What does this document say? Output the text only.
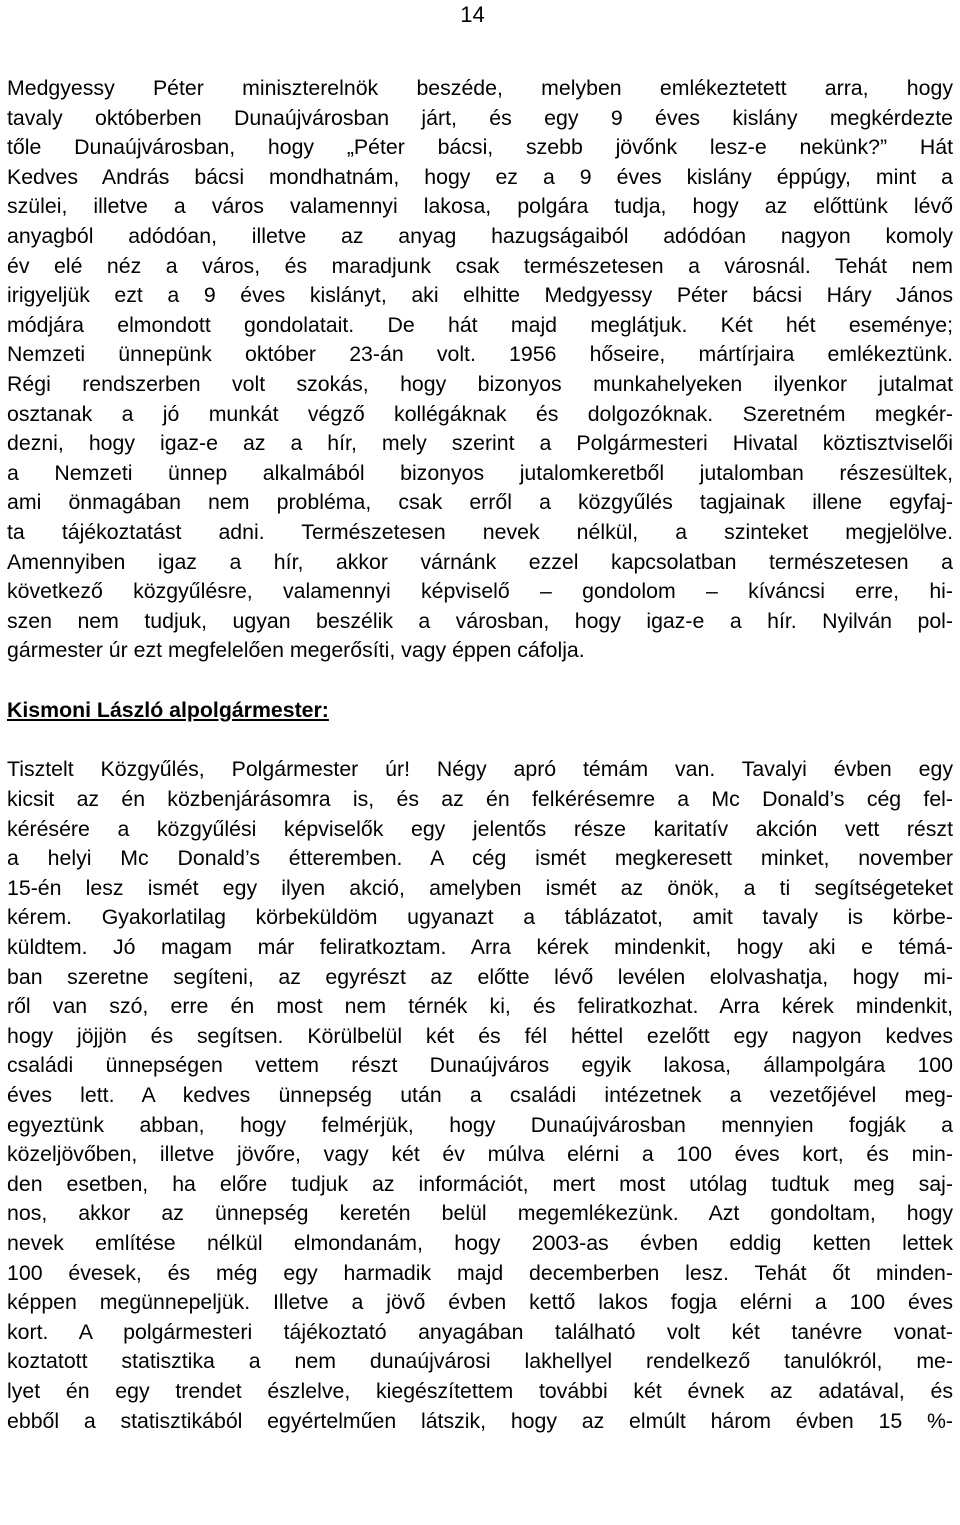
14
Medgyessy Péter miniszterelnök beszéde, melyben emlékeztetett arra, hogy
tavaly októberben Dunaújvárosban járt, és egy 9 éves kislány megkérdezte
tőle Dunaújvárosban, hogy „Péter bácsi, szebb jövőnk lesz-e nekünk?” Hát
Kedves András bácsi mondhatnám, hogy ez a 9 éves kislány éppúgy, mint a
szülei, illetve a város valamennyi lakosa, polgára tudja, hogy az előttünk lévő
anyagból adódóan, illetve az anyag hazugságaiból adódóan nagyon komoly
év elé néz a város, és maradjunk csak természetesen a városnál. Tehát nem
irigyeljük ezt a 9 éves kislányt, aki elhitte Medgyessy Péter bácsi Háry János
módjára elmondott gondolatait. De hát majd meglátjuk. Két hét eseménye;
Nemzeti ünnepünk október 23-án volt. 1956 hőseire, mártírjaira emlékeztünk.
Régi rendszerben volt szokás, hogy bizonyos munkahelyeken ilyenkor jutalmat
osztanak a jó munkát végző kollégáknak és dolgozóknak. Szeretném megkér-
dezni, hogy igaz-e az a hír, mely szerint a Polgármesteri Hivatal köztisztviselői
a Nemzeti ünnep alkalmából bizonyos jutalomkeretből jutalomban részesültek,
ami önmagában nem probléma, csak erről a közgyűlés tagjainak illene egyfaj-
ta tájékoztatást adni. Természetesen nevek nélkül, a szinteket megjelölve.
Amennyiben igaz a hír, akkor várnánk ezzel kapcsolatban természetesen a
következő közgyűlésre, valamennyi képviselő – gondolom – kíváncsi erre, hi-
szen nem tudjuk, ugyan beszélik a városban, hogy igaz-e a hír. Nyilván pol-
gármester úr ezt megfelelően megerősíti, vagy éppen cáfolja.
Kismoni László alpolgármester:
Tisztelt Közgyűlés, Polgármester úr! Négy apró témám van. Tavalyi évben egy
kicsit az én közbenjárásomra is, és az én felkérésemre a Mc Donald’s cég fel-
kérésére a közgyűlési képviselők egy jelentős része karitatív akción vett részt
a helyi Mc Donald’s étteremben. A cég ismét megkeresett minket, november
15-én lesz ismét egy ilyen akció, amelyben ismét az önök, a ti segítségeteket
kérem. Gyakorlatilag körbeküldöm ugyanazt a táblázatot, amit tavaly is körbe-
küldtem. Jó magam már feliratkoztam. Arra kérek mindenkit, hogy aki e témá-
ban szeretne segíteni, az egyrészt az előtte lévő levélen elolvashatja, hogy mi-
ről van szó, erre én most nem térnék ki, és feliratkozhat. Arra kérek mindenkit,
hogy jöjjön és segítsen. Körülbelül két és fél héttel ezelőtt egy nagyon kedves
családi ünnepségen vettem részt Dunaújváros egyik lakosa, állampolgára 100
éves lett. A kedves ünnepség után a családi intézetnek a vezetőjével meg-
egyeztünk abban, hogy felmérjük, hogy Dunaújvárosban mennyien fogják a
közeljövőben, illetve jövőre, vagy két év múlva elérni a 100 éves kort, és min-
den esetben, ha előre tudjuk az információt, mert most utólag tudtuk meg saj-
nos, akkor az ünnepség keretén belül megemlékezünk. Azt gondoltam, hogy
nevek említése nélkül elmondanám, hogy 2003-as évben eddig ketten lettek
100 évesek, és még egy harmadik majd decemberben lesz. Tehát őt minden-
képpen megünnepeljük. Illetve a jövő évben kettő lakos fogja elérni a 100 éves
kort. A polgármesteri tájékoztató anyagában található volt két tanévre vonat-
koztatott statisztika a nem dunaújvárosi lakhellyel rendelkező tanulókról, me-
lyet én egy trendet észlelve, kiegészítettem további két évnek az adatával, és
ebből a statisztikából egyértelműen látszik, hogy az elmúlt három évben 15 %-
